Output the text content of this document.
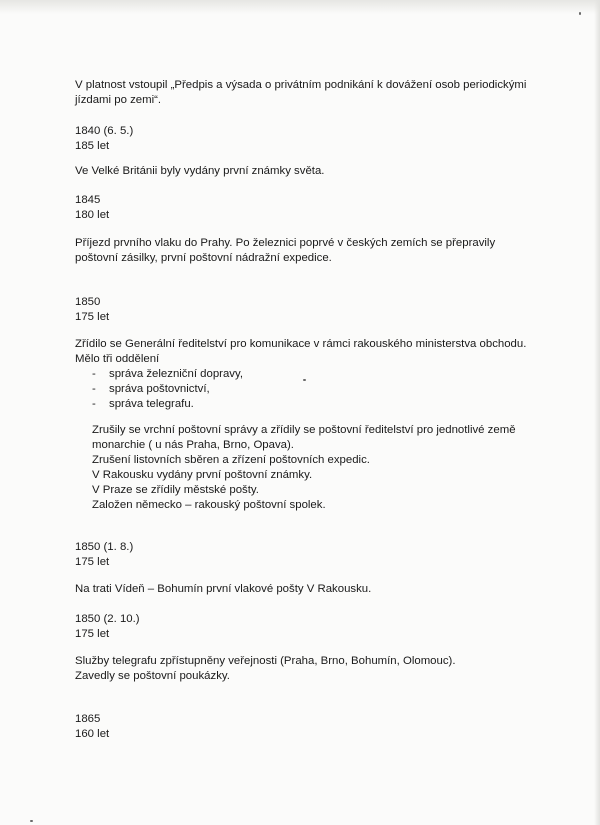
V platnost vstoupil „Předpis a výsada o privátním podnikání k dovážení osob periodickými

jízdami po zemi“.

1840 (6. 5.)

185 let

Ve Velké Británii byly vydány první známky světa.

1845

180 let

Příjezd prvního vlaku do Prahy. Po železnici poprvé v českých zemích se přepravily

poštovní zásilky, první poštovní nádražní expedice.

1850

175 let

Zřídilo se Generální ředitelství pro komunikace v rámci rakouského ministerstva obchodu.

Mělo tři oddělení

- správa železniční dopravy,
- správa poštovnictví,
- správa telegrafu.

Zrušily se vrchní poštovní správy a zřídily se poštovní ředitelství pro jednotlivé země

monarchie ( u nás Praha, Brno, Opava).

Zrušení listovních sběren a zřízení poštovních expedic.

V Rakousku vydány první poštovní známky.

V Praze se zřídily městské pošty.

Založen německo – rakouský poštovní spolek.

1850 (1. 8.)

175 let

Na trati Vídeň – Bohumín první vlakové pošty V Rakousku.

1850 (2. 10.)

175 let

Služby telegrafu zpřístupněny veřejnosti (Praha, Brno, Bohumín, Olomouc).

Zavedly se poštovní poukázky.

1865

160 let
